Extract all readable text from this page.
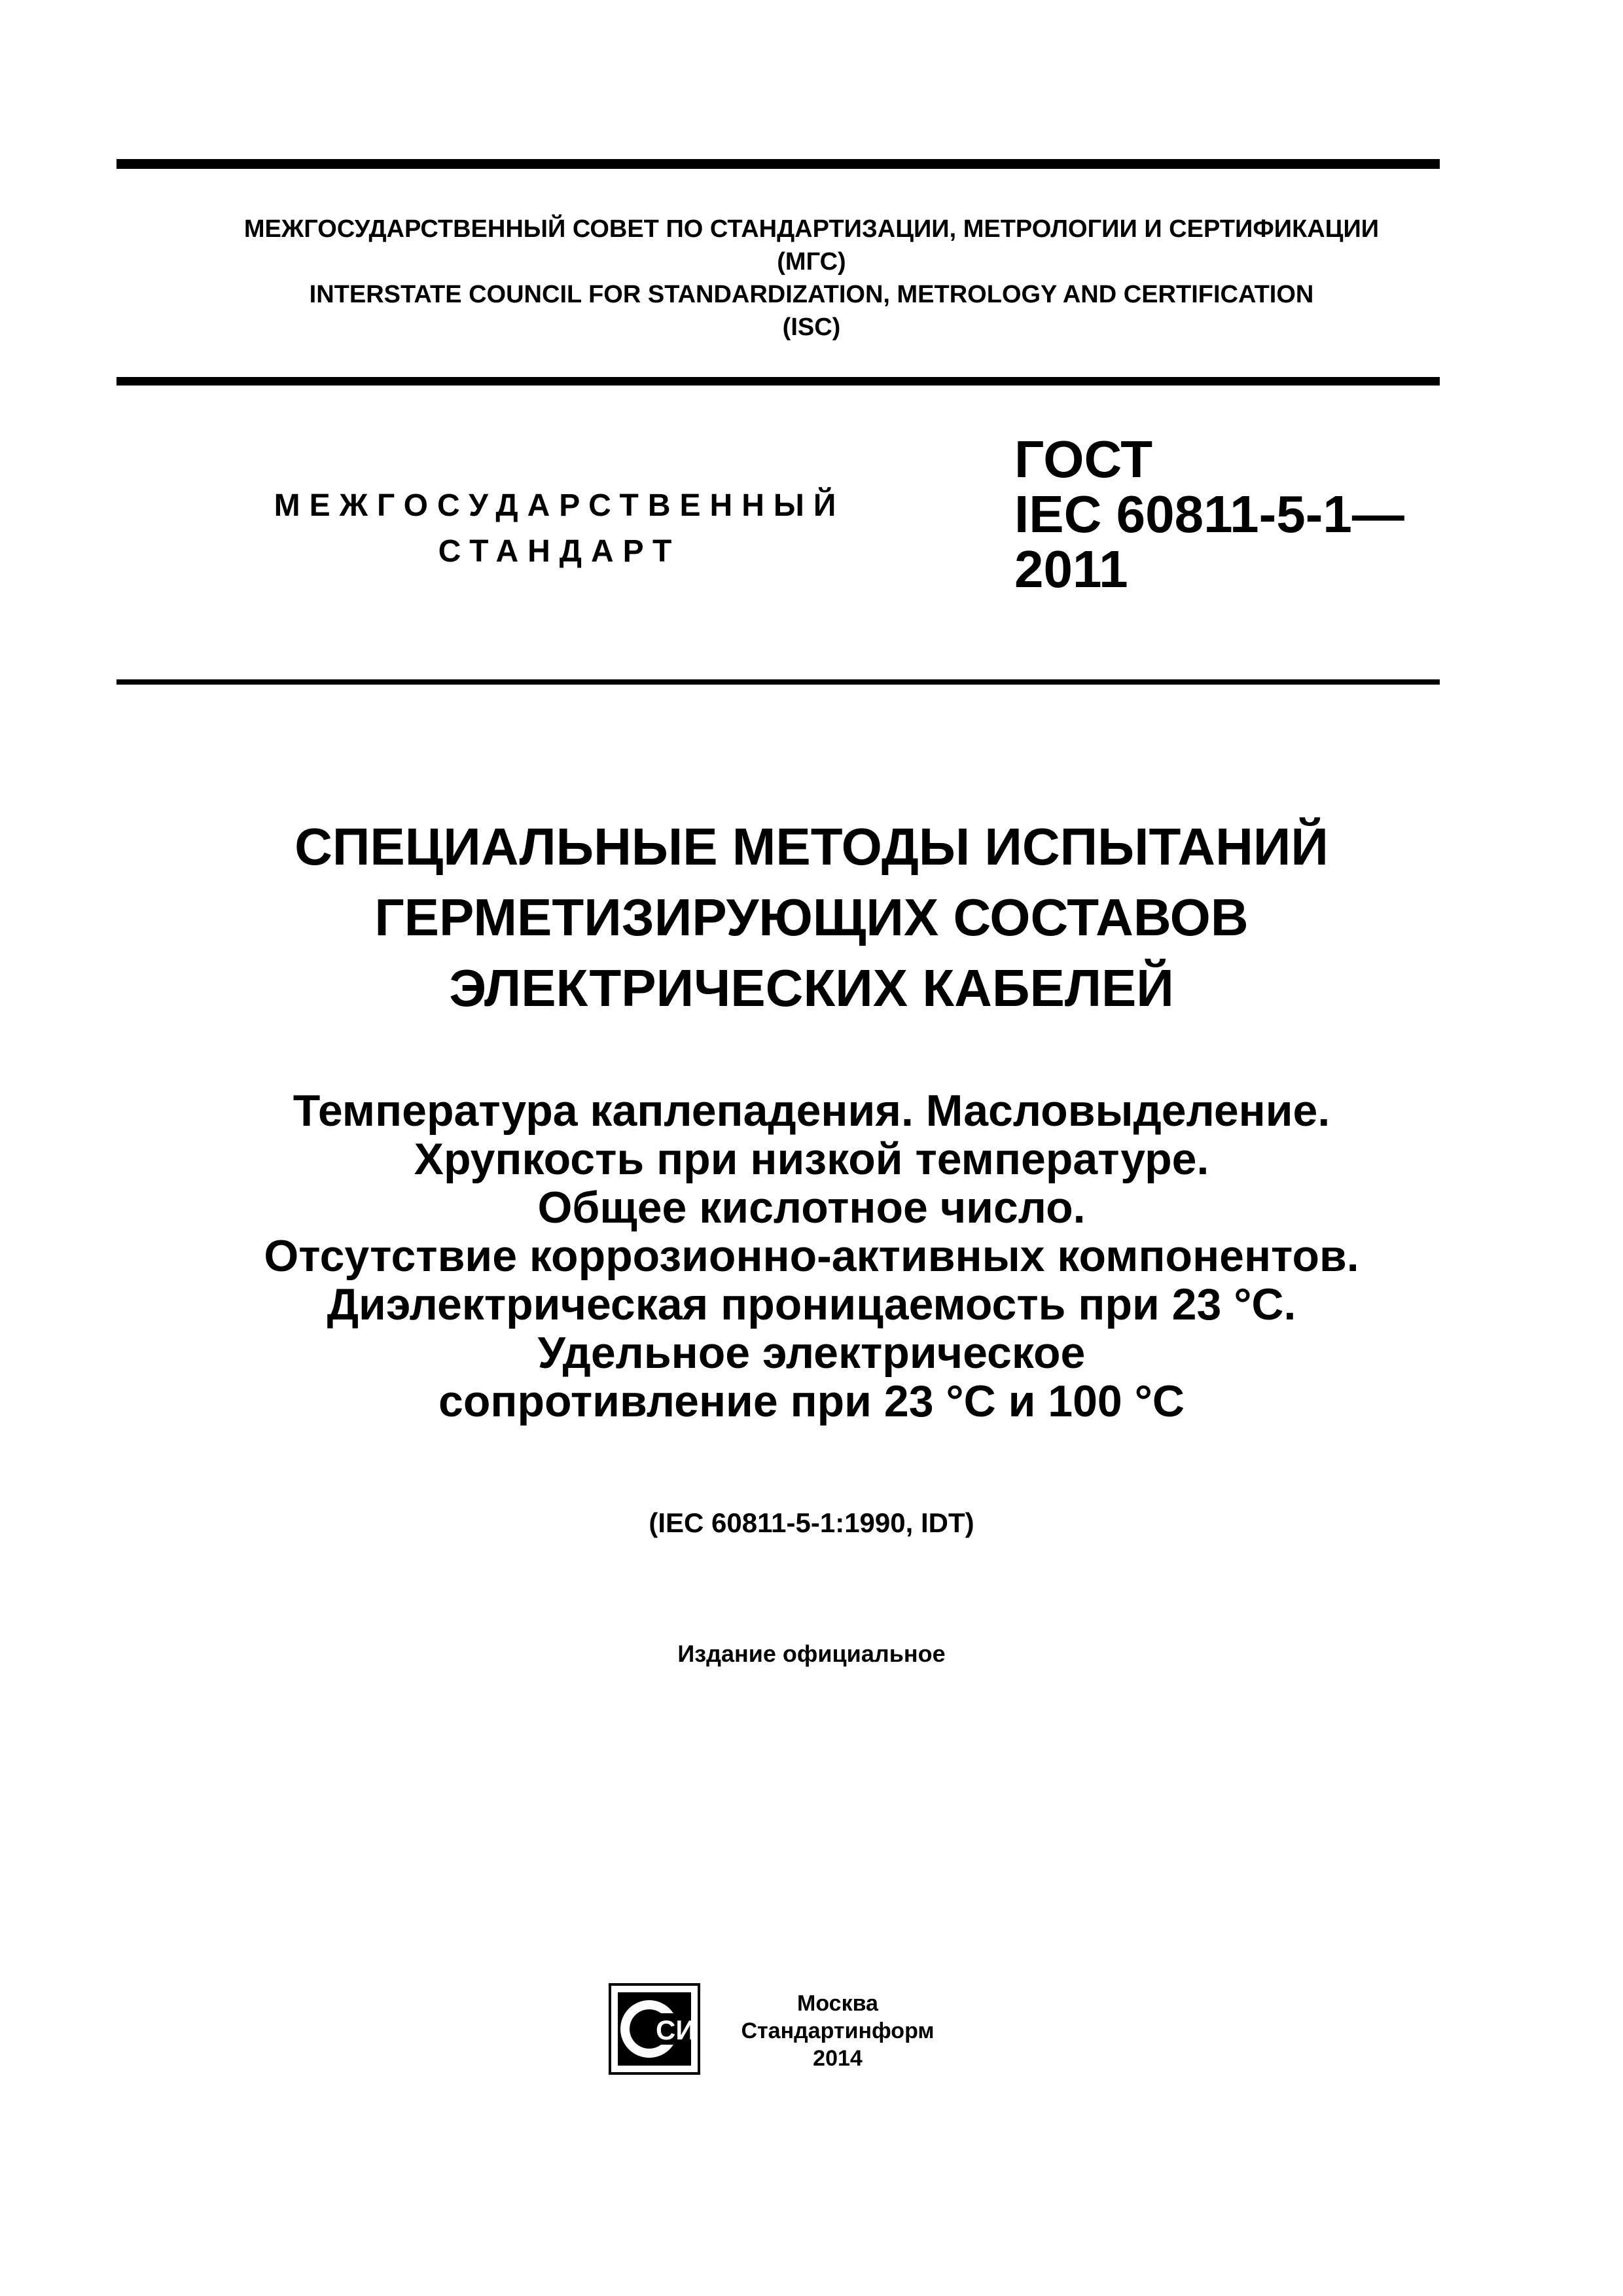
МЕЖГОСУДАРСТВЕННЫЙ СОВЕТ ПО СТАНДАРТИЗАЦИИ, МЕТРОЛОГИИ И СЕРТИФИКАЦИИ
(МГС)
INTERSTATE COUNCIL FOR STANDARDIZATION, METROLOGY AND CERTIFICATION
(ISC)
МЕЖГОСУДАРСТВЕННЫЙ
СТАНДАРТ
ГОСТ
IEC 60811-5-1—
2011
СПЕЦИАЛЬНЫЕ МЕТОДЫ ИСПЫТАНИЙ
ГЕРМЕТИЗИРУЮЩИХ СОСТАВОВ
ЭЛЕКТРИЧЕСКИХ КАБЕЛЕЙ
Температура каплепадения. Масловыделение.
Хрупкость при низкой температуре.
Общее кислотное число.
Отсутствие коррозионно-активных компонентов.
Диэлектрическая проницаемость при 23 °С.
Удельное электрическое
сопротивление при 23 °С и 100 °С
(IEC 60811-5-1:1990, IDT)
Издание официальное
СИ
Москва
Стандартинформ
2014
